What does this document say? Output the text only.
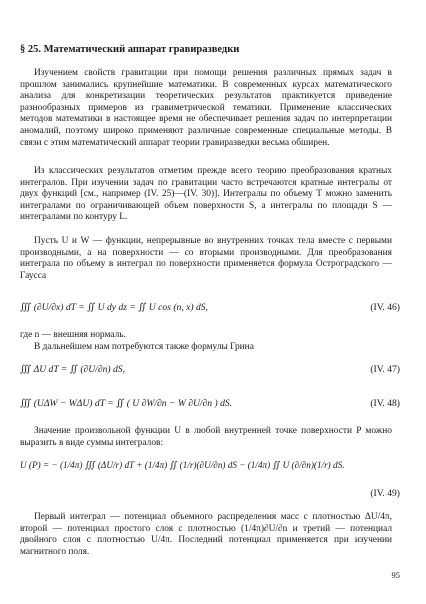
§ 25. Математический аппарат гравиразведки

Изучением свойств гравитации при помощи решения различных прямых задач в прошлом занимались крупнейшие математики. В современных курсах математического анализа для конкретизации теоретических результатов практикуется приведение разнообразных примеров из гравиметрической тематики. Применение классических методов математики в настоящее время не обеспечивает решения задач по интерпретации аномалий, поэтому широко применяют различные современные специальные методы. В связи с этим математический аппарат теории гравиразведки весьма обширен.

Из классических результатов отметим прежде всего теорию преобразования кратных интегралов. При изучении задач по гравитации часто встречаются кратные интегралы от двух функций [см., например (IV. 25)—(IV. 30)]. Интегралы по объему T можно заменить интегралами по ограничивающей объем поверхности S, а интегралы по площади S — интегралами по контуру L.

Пусть U и W — функции, непрерывные во внутренних точках тела вместе с первыми производными, а на поверхности — со вторыми производными. Для преобразования интеграла по объему в интеграл по поверхности применяется формула Остроградского — Гаусса

∭ (∂U/∂x) dT = ∬ U dy dz = ∬ U cos (n, x) dS,	(IV. 46)
где n — внешняя нормаль.
В дальнейшем нам потребуются также формулы Грина
∭ ΔU dT = ∬ (∂U/∂n) dS,	(IV. 47)
∭ (UΔW − WΔU) dT = ∬ ( U ∂W/∂n − W ∂U/∂n ) dS.	(IV. 48)

Значение произвольной функции U в любой внутренней точке поверхности P можно выразить в виде суммы интегралов:

U (P) = − (1/4π) ∭ (ΔU/r) dT + (1/4π) ∬ (1/r)(∂U/∂n) dS − (1/4π) ∬ U (∂/∂n)(1/r) dS.
(IV. 49)

Первый интеграл — потенциал объемного распределения масс с плотностью ΔU/4π, второй — потенциал простого слоя с плотностью (1/4π)∂U/∂n и третий — потенциал двойного слоя с плотностью U/4π. Последний потенциал применяется при изучении магнитного поля.

95
